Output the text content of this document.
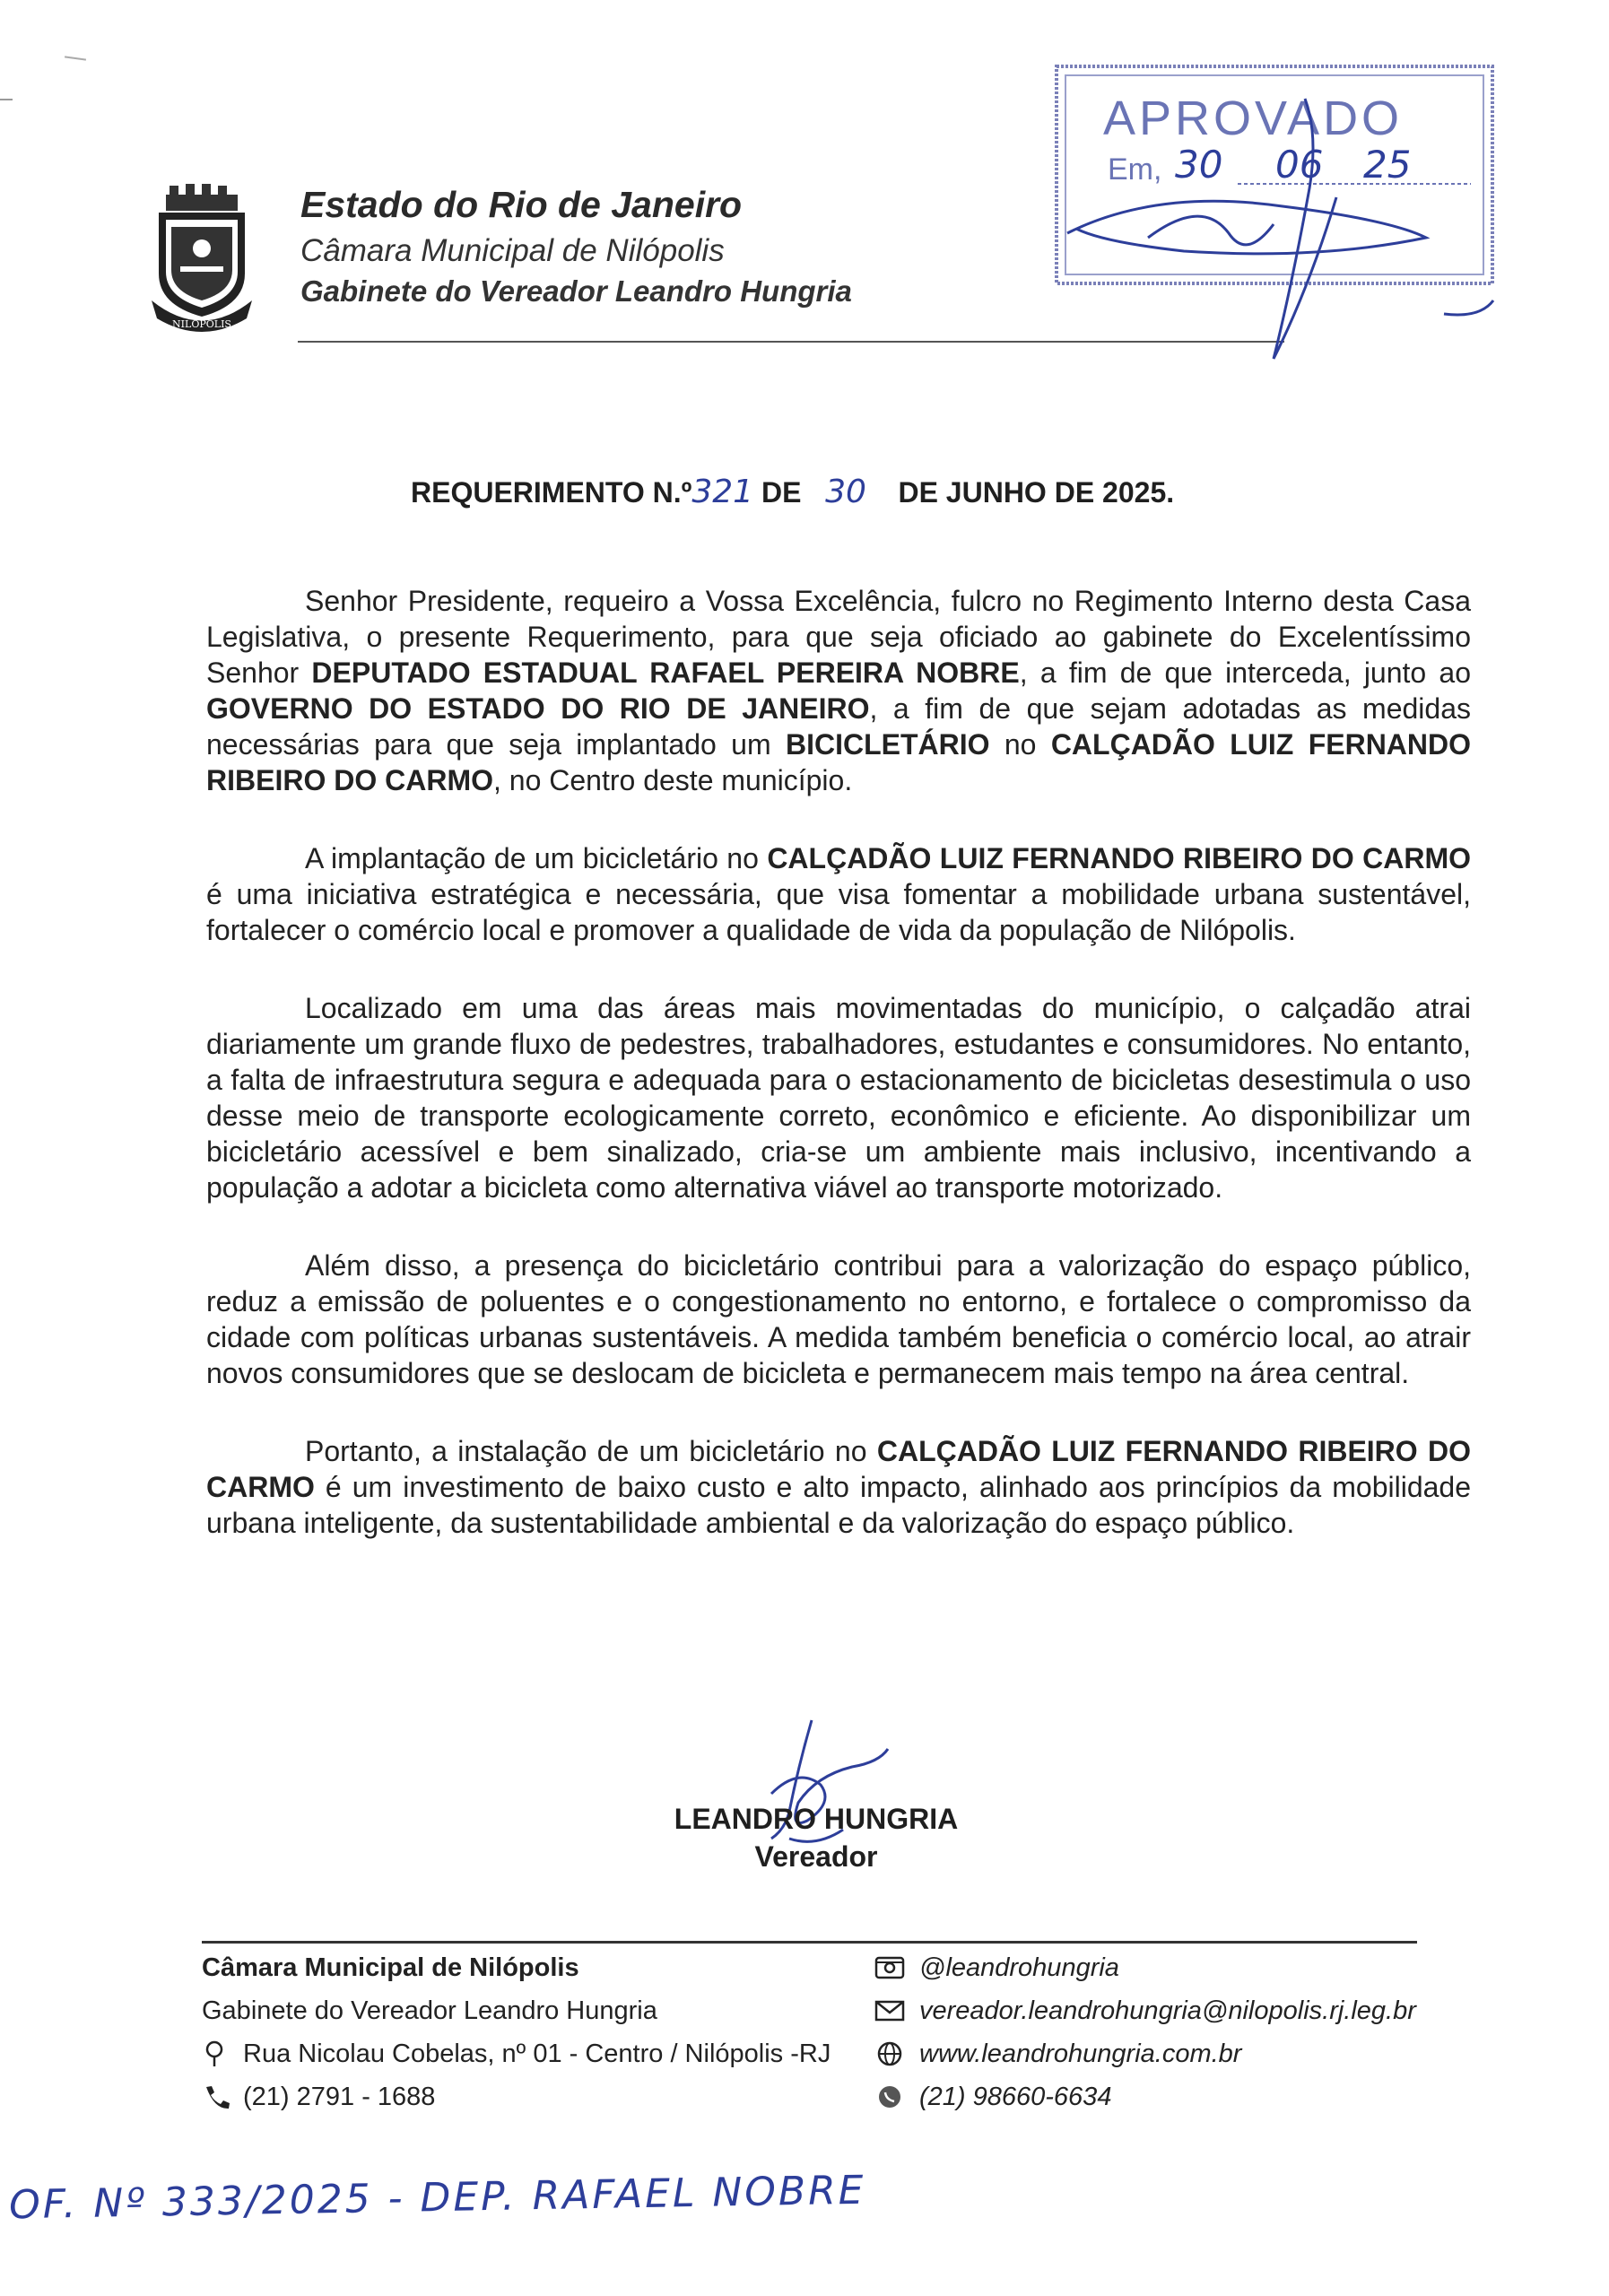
NILÓPOLIS
Estado do Rio de Janeiro
Câmara Municipal de Nilópolis
Gabinete do Vereador Leandro Hungria
APROVADO
Em, 30 06 25
REQUERIMENTO N.º321 DE 30 DE JUNHO DE 2025.

Senhor Presidente, requeiro a Vossa Excelência, fulcro no Regimento Interno desta Casa Legislativa, o presente Requerimento, para que seja oficiado ao gabinete do Excelentíssimo Senhor DEPUTADO ESTADUAL RAFAEL PEREIRA NOBRE, a fim de que interceda, junto ao GOVERNO DO ESTADO DO RIO DE JANEIRO, a fim de que sejam adotadas as medidas necessárias para que seja implantado um BICICLETÁRIO no CALÇADÃO LUIZ FERNANDO RIBEIRO DO CARMO, no Centro deste município.

A implantação de um bicicletário no CALÇADÃO LUIZ FERNANDO RIBEIRO DO CARMO é uma iniciativa estratégica e necessária, que visa fomentar a mobilidade urbana sustentável, fortalecer o comércio local e promover a qualidade de vida da população de Nilópolis.

Localizado em uma das áreas mais movimentadas do município, o calçadão atrai diariamente um grande fluxo de pedestres, trabalhadores, estudantes e consumidores. No entanto, a falta de infraestrutura segura e adequada para o estacionamento de bicicletas desestimula o uso desse meio de transporte ecologicamente correto, econômico e eficiente. Ao disponibilizar um bicicletário acessível e bem sinalizado, cria-se um ambiente mais inclusivo, incentivando a população a adotar a bicicleta como alternativa viável ao transporte motorizado.

Além disso, a presença do bicicletário contribui para a valorização do espaço público, reduz a emissão de poluentes e o congestionamento no entorno, e fortalece o compromisso da cidade com políticas urbanas sustentáveis. A medida também beneficia o comércio local, ao atrair novos consumidores que se deslocam de bicicleta e permanecem mais tempo na área central.

Portanto, a instalação de um bicicletário no CALÇADÃO LUIZ FERNANDO RIBEIRO DO CARMO é um investimento de baixo custo e alto impacto, alinhado aos princípios da mobilidade urbana inteligente, da sustentabilidade ambiental e da valorização do espaço público.

LEANDRO HUNGRIA
Vereador
Câmara Municipal de Nilópolis
Gabinete do Vereador Leandro Hungria
Rua Nicolau Cobelas, nº 01 - Centro / Nilópolis -RJ
(21) 2791 - 1688
@leandrohungria
vereador.leandrohungria@nilopolis.rj.leg.br
www.leandrohungria.com.br
(21) 98660-6634
OF. Nº 333/2025 - DEP. RAFAEL NOBRE
